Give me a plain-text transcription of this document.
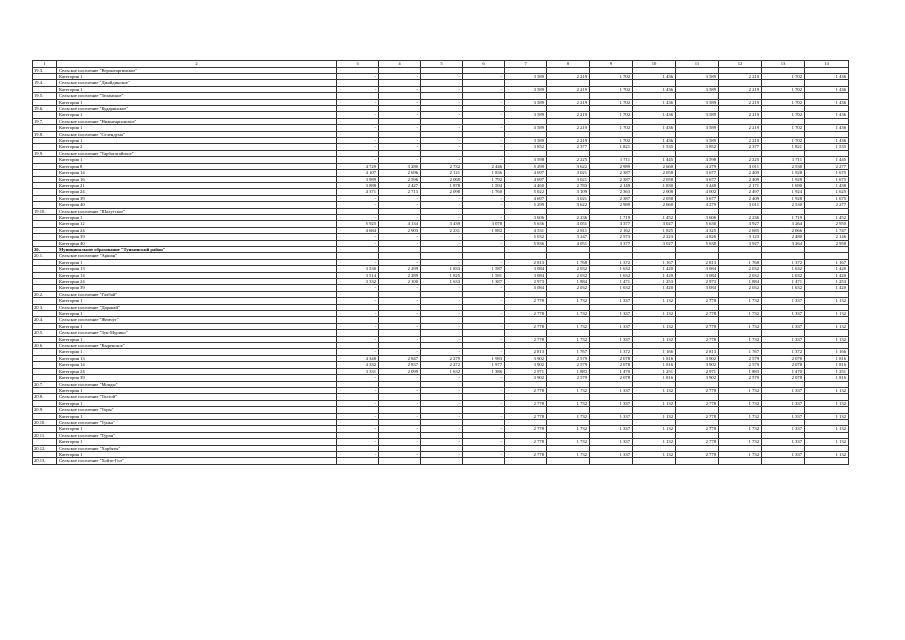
1	2	3	4	5	6	7	8	9	10	11	12	13	14
19.3.	Сельское поселение "Верхнеаргинское"												
	Категория 1	-	-	-	-	3 589	2 219	1 702	1 436	3 589	2 219	1 702	1 436
19.4.	Сельское поселение "Джайдинское"												
	Категория 1	-	-	-	-	3 589	2 219	1 702	1 436	3 589	2 219	1 702	1 436
19.5.	Сельское поселение "Зеламское"												
	Категория 1	-	-	-	-	3 589	2 219	1 702	1 436	3 589	2 219	1 702	1 436
19.6.	Сельское поселение "Кударинское"												
	Категория 1	-	-	-	-	3 589	2 219	1 702	1 436	3 589	2 219	1 702	1 436
19.7.	Сельское поселение "Нижнеаргинское"												
	Категория 1	-	-	-	-	3 589	2 219	1 702	1 436	3 589	2 219	1 702	1 436
19.8.	Сельское поселение "Селендума"												
	Категория 1	-	-	-	-	3 589	2 219	1 702	1 436	3 589	2 219	1 702	1 436
	Категория 2	-	-	-	-	3 852	2 377	1 821	1 535	3 852	2 377	1 821	1 535
19.9.	Сельское поселение "Тарбагатайское"												
	Категория 1	-	-	-	-	3 598	2 225	1 711	1 445	3 598	2 225	1 711	1 445
	Категория 8	4 729	3 280	2 732	2 446	5 299	3 622	2 989	2 660	4 279	3 011	2 530	2 277
	Категория 14	4 107	2 696	2 121	1 836	4 697	3 021	2 387	2 058	3 677	2 409	1 928	1 675
	Категория 16	3 989	2 596	2 068	1 792	4 697	3 021	2 387	2 058	3 677	2 409	1 928	1 675
	Категория 21	3 888	2 427	1 878	1 594	4 460	2 783	2 149	1 830	3 440	2 171	1 690	1 438
	Категория 24	4 371	2 713	2 098	1 760	5 022	3 109	2 363	2 008	4 002	2 497	1 924	1 625
	Категория 39	-	-	-	-	4 697	3 021	2 387	2 058	3 677	2 409	1 928	1 675
	Категория 40	-	-	-	-	5 299	3 622	2 989	2 660	4 279	3 011	2 530	2 277
19.10.	Сельское поселение "Шалутское"												
	Категория 1	-	-	-	-	3 606	2 236	1 719	1 452	3 606	2 236	1 719	1 452
	Категория 12	5 925	4 134	3 439	3 078	5 636	4 051	3 377	3 027	5 630	3 927	3 264	2 950
	Категория 24	4 684	2 903	2 231	1 882	4 531	2 811	2 162	1 825	4 325	2 685	2 066	1 747
	Категория 39	-	-	-	-	5 032	3 247	2 573	2 223	4 826	3 123	2 480	2 146
	Категория 40	-	-	-	-	5 836	4 051	3 377	3 027	5 630	3 927	3 264	2 950
20.	Муниципальное образование "Тункинский район"												
20.1.	Сельское поселение "Аршан"												
	Категория 1	-	-	-	-	2 813	1 768	1 372	1 167	2 813	1 768	1 372	1 167
	Категория 13	3 530	2 299	1 833	1 587	3 084	2 032	1 632	1 420	3 084	2 032	1 632	1 420
	Категория 14	3 514	2 289	1 825	1 581	3 084	2 032	1 632	1 420	3 084	2 032	1 632	1 420
	Категория 24	3 332	2 100	1 633	1 387	2 973	1 884	1 471	1 253	2 973	1 884	1 471	1 253
	Категория 39	-	-	-	-	3 084	2 032	1 632	1 420	3 084	2 032	1 632	1 420
20.2.	Сельское поселение "Галбай"												
	Категория 1	-	-	-	-	2 778	1 732	1 337	1 132	2 778	1 732	1 337	1 132
20.3.	Сельское поселение "Даранай"												
	Категория 1	-	-	-	-	2 778	1 732	1 337	1 132	2 778	1 732	1 337	1 132
20.4.	Сельское поселение "Жемчуг"												
	Категория 1	-	-	-	-	2 778	1 732	1 337	1 132	2 778	1 732	1 337	1 132
20.5.	Сельское поселение "Зун-Мурино"												
	Категория 1	-	-	-	-	2 778	1 732	1 337	1 132	2 778	1 732	1 337	1 132
20.6.	Сельское поселение "Кыренское"												
	Категория 1	-	-	-	-	2 813	1 767	1 372	1 166	2 813	1 767	1 372	1 166
	Категория 13	4 348	2 847	2 279	1 983	3 902	2 579	2 078	1 816	3 902	2 579	2 078	1 816
	Категория 14	4 332	2 837	2 272	1 977	3 902	2 579	2 078	1 816	3 902	2 579	2 078	1 816
	Категория 24	3 331	2 099	1 632	1 386	2 971	1 883	1 470	1 251	2 971	1 883	1 470	1 251
	Категория 39	-	-	-	-	3 902	2 579	2 078	1 816	3 902	2 579	2 078	1 816
20.7.	Сельское поселение "Монды"												
	Категория 1	-	-	-	-	2 778	1 732	1 337	1 132	2 778	1 732	1 337	1 132
20.8.	Сельское поселение "Толтой"												
	Категория 1	-	-	-	-	2 778	1 732	1 337	1 132	2 778	1 732	1 337	1 132
20.9.	Сельское поселение "Торы"												
	Категория 1	-	-	-	-	2 778	1 732	1 337	1 132	2 778	1 732	1 337	1 132
20.10.	Сельское поселение "Тунка"												
	Категория 1	-	-	-	-	2 778	1 732	1 337	1 132	2 778	1 732	1 337	1 132
20.11.	Сельское поселение "Туран"												
	Категория 1	-	-	-	-	2 778	1 732	1 337	1 132	2 778	1 732	1 337	1 132
20.12.	Сельское поселение "Харбяты"												
	Категория 1	-	-	-	-	2 778	1 732	1 337	1 132	2 778	1 732	1 337	1 132
20.13.	Сельское поселение "Хойто-Гол"												
